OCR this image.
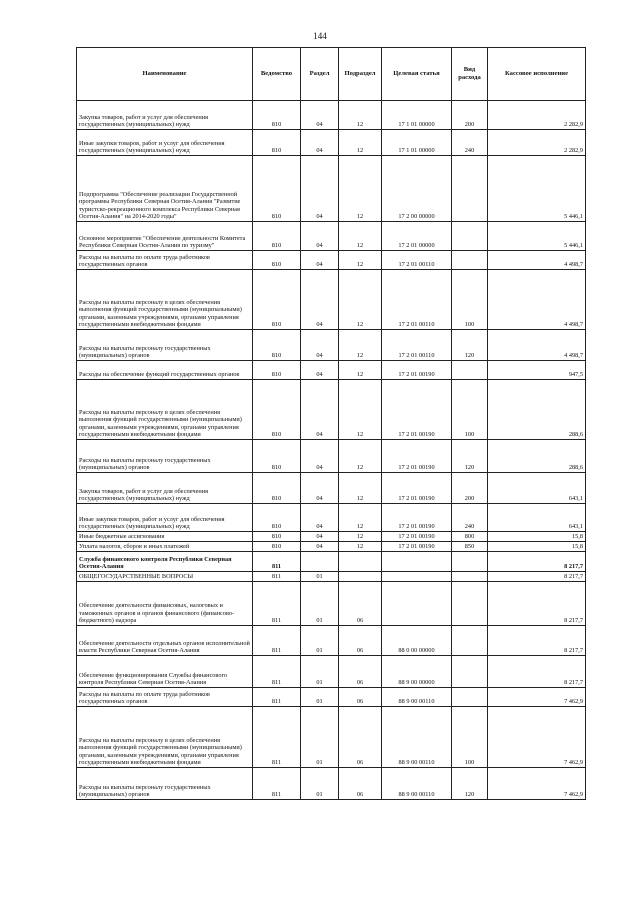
144
Наименование	Ведомство	Раздел	Подраздел	Целевая статья	Вид расхода	Кассовое исполнение
Закупка товаров, работ и услуг для обеспечения государственных (муниципальных) нужд	810	04	12	17 1 01 00000	200	2 282,9
Иные закупки товаров, работ и услуг для обеспечения государственных (муниципальных) нужд	810	04	12	17 1 01 00000	240	2 282,9
Подпрограмма "Обеспечение реализации Государственной программы Республики Северная Осетия-Алания "Развитие туристско-рекреационного комплекса Республики Северная Осетия-Алания" на 2014-2020 годы"	810	04	12	17 2 00 00000		5 446,1
Основное мероприятие "Обеспечение деятельности Комитета Республики Северная Осетия-Алания по туризму"	810	04	12	17 2 01 00000		5 446,1
Расходы на выплаты по оплате труда работников государственных органов	810	04	12	17 2 01 00110		4 498,7
Расходы на выплаты персоналу в целях обеспечения выполнения функций государственными (муниципальными) органами, казенными учреждениями, органами управления государственными внебюджетными фондами	810	04	12	17 2 01 00110	100	4 498,7
Расходы на выплаты персоналу государственных (муниципальных) органов	810	04	12	17 2 01 00110	120	4 498,7
Расходы на обеспечение функций государственных органов	810	04	12	17 2 01 00190		947,5
Расходы на выплаты персоналу в целях обеспечения выполнения функций государственными (муниципальными) органами, казенными учреждениями, органами управления государственными внебюджетными фондами	810	04	12	17 2 01 00190	100	288,6
Расходы на выплаты персоналу государственных (муниципальных) органов	810	04	12	17 2 01 00190	120	288,6
Закупка товаров, работ и услуг для обеспечения государственных (муниципальных) нужд	810	04	12	17 2 01 00190	200	643,1
Иные закупки товаров, работ и услуг для обеспечения государственных (муниципальных) нужд	810	04	12	17 2 01 00190	240	643,1
Иные бюджетные ассигнования	810	04	12	17 2 01 00190	800	15,8
Уплата налогов, сборов и иных платежей	810	04	12	17 2 01 00190	850	15,8
Служба финансового контроля Республики Северная Осетия-Алания	811					8 217,7
ОБЩЕГОСУДАРСТВЕННЫЕ ВОПРОСЫ	811	01				8 217,7
Обеспечение деятельности финансовых, налоговых и таможенных органов и органов финансового (финансово-бюджетного) надзора	811	01	06			8 217,7
Обеспечение деятельности отдельных органов исполнительной власти Республики Северная Осетия-Алания	811	01	06	88 0 00 00000		8 217,7
Обеспечение функционирования Службы финансового контроля Республики Северная Осетия-Алания	811	01	06	88 9 00 00000		8 217,7
Расходы на выплаты по оплате труда работников государственных органов	811	01	06	88 9 00 00110		7 462,9
Расходы на выплаты персоналу в целях обеспечения выполнения функций государственными (муниципальными) органами, казенными учреждениями, органами управления государственными внебюджетными фондами	811	01	06	88 9 00 00110	100	7 462,9
Расходы на выплаты персоналу государственных (муниципальных) органов	811	01	06	88 9 00 00110	120	7 462,9
